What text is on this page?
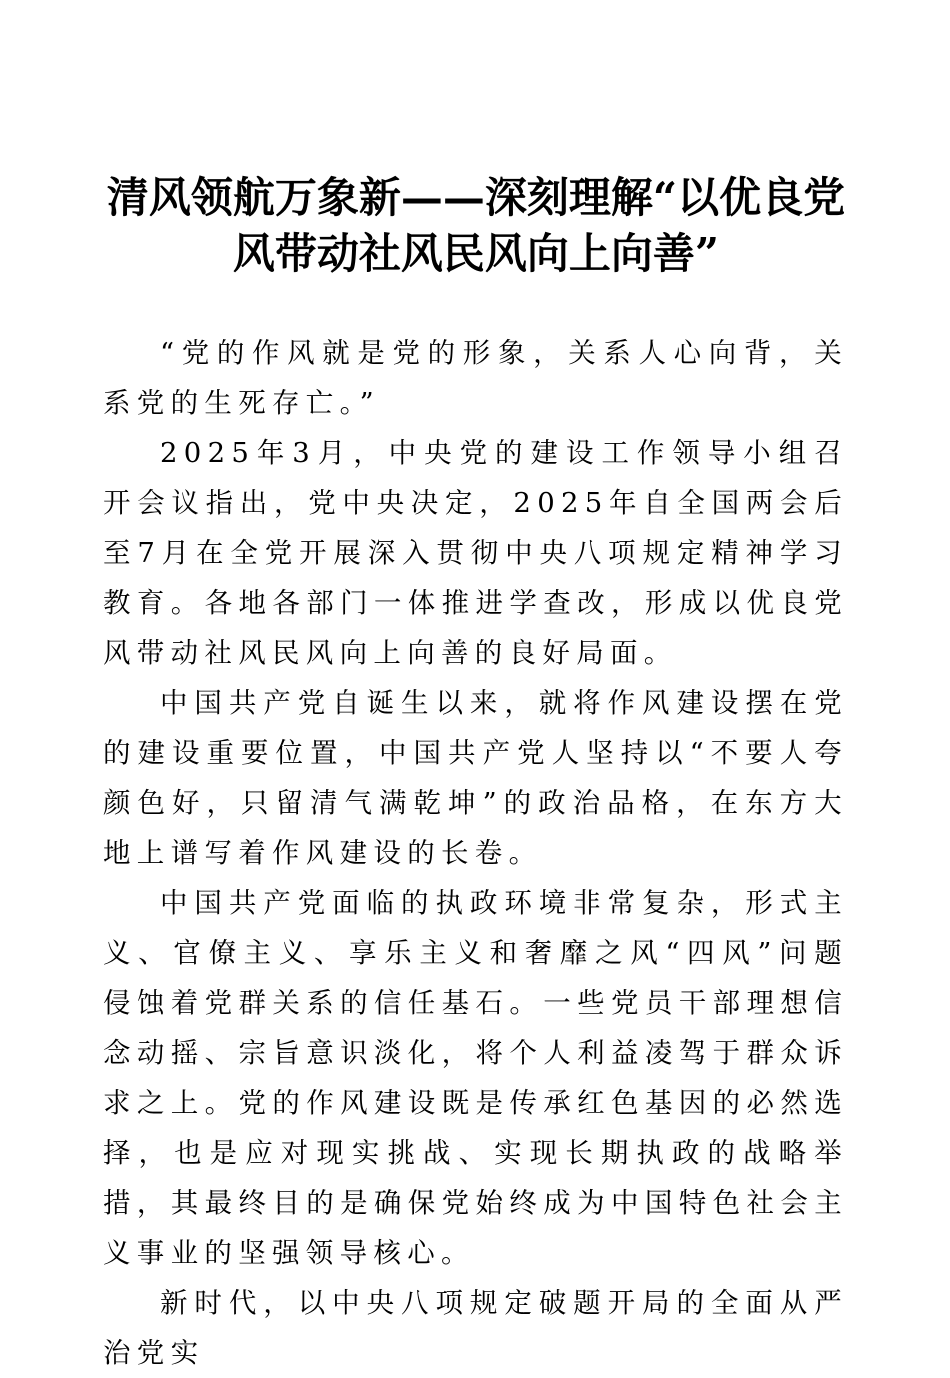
清风领航万象新——深刻理解“以优良党
风带动社风民风向上向善”

“党的作风就是党的形象，关系人心向背，关系党的生死存亡。”

2025年3月，中央党的建设工作领导小组召开会议指出，党中央决定，2025年自全国两会后至7月在全党开展深入贯彻中央八项规定精神学习教育。各地各部门一体推进学查改，形成以优良党风带动社风民风向上向善的良好局面。

中国共产党自诞生以来，就将作风建设摆在党的建设重要位置，中国共产党人坚持以“不要人夸颜色好，只留清气满乾坤”的政治品格，在东方大地上谱写着作风建设的长卷。

中国共产党面临的执政环境非常复杂，形式主义、官僚主义、享乐主义和奢靡之风“四风”问题侵蚀着党群关系的信任基石。一些党员干部理想信念动摇、宗旨意识淡化，将个人利益凌驾于群众诉求之上。党的作风建设既是传承红色基因的必然选择，也是应对现实挑战、实现长期执政的战略举措，其最终目的是确保党始终成为中国特色社会主义事业的坚强领导核心。

新时代，以中央八项规定破题开局的全面从严治党实
